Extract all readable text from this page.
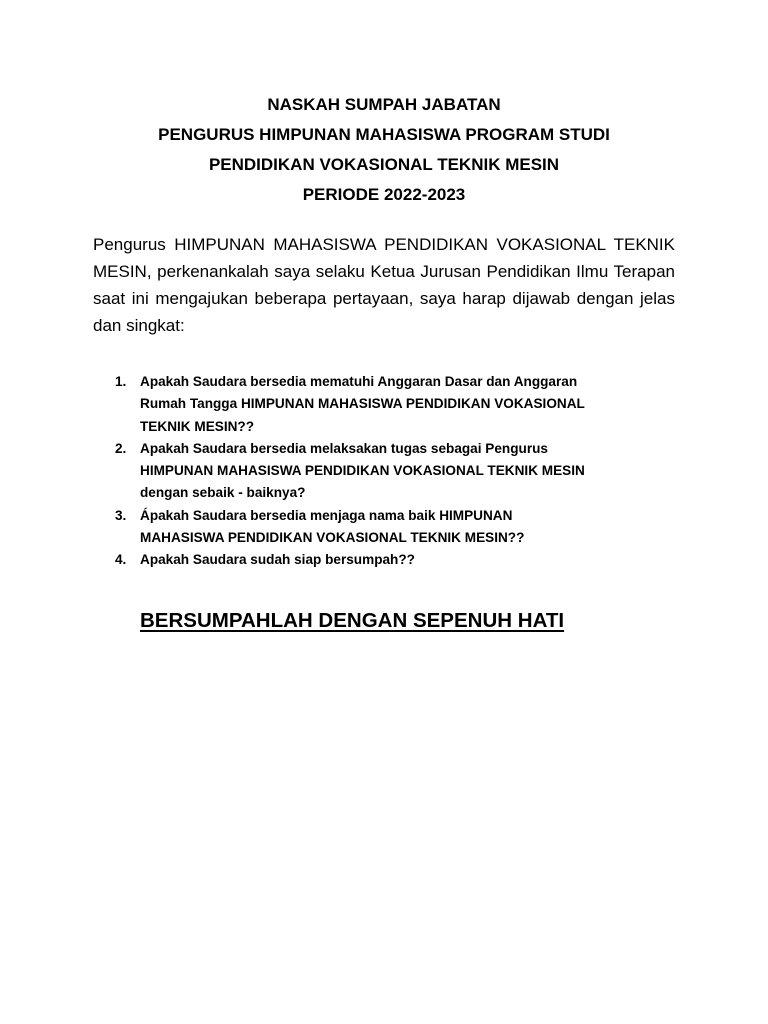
NASKAH SUMPAH JABATAN
PENGURUS HIMPUNAN MAHASISWA PROGRAM STUDI
PENDIDIKAN VOKASIONAL TEKNIK MESIN
PERIODE 2022-2023

Pengurus HIMPUNAN MAHASISWA PENDIDIKAN VOKASIONAL TEKNIK MESIN, perkenankalah saya selaku Ketua Jurusan Pendidikan Ilmu Terapan saat ini mengajukan beberapa pertayaan, saya harap dijawab dengan jelas dan singkat:

1. Apakah Saudara bersedia mematuhi Anggaran Dasar dan Anggaran
Rumah Tangga HIMPUNAN MAHASISWA PENDIDIKAN VOKASIONAL
TEKNIK MESIN??
2. Apakah Saudara bersedia melaksakan tugas sebagai Pengurus
HIMPUNAN MAHASISWA PENDIDIKAN VOKASIONAL TEKNIK MESIN
dengan sebaik - baiknya?
3. Ápakah Saudara bersedia menjaga nama baik HIMPUNAN
MAHASISWA PENDIDIKAN VOKASIONAL TEKNIK MESIN??
4. Apakah Saudara sudah siap bersumpah??
BERSUMPAHLAH DENGAN SEPENUH HATI
